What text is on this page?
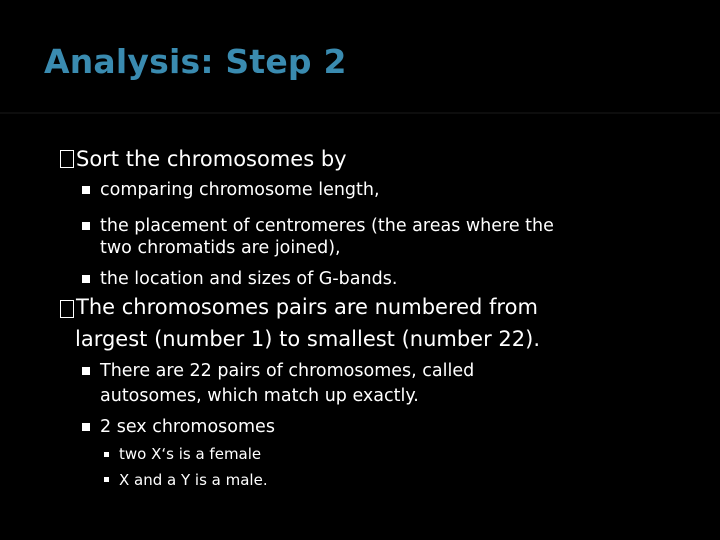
Analysis: Step 2
Sort the chromosomes by
comparing chromosome length,
the placement of centromeres (the areas where the
two chromatids are joined),
the location and sizes of G-bands.
The chromosomes pairs are numbered from
largest (number 1) to smallest (number 22).
There are 22 pairs of chromosomes, called
autosomes, which match up exactly.
2 sex chromosomes
two X‘s is a female
X and a Y is a male.
